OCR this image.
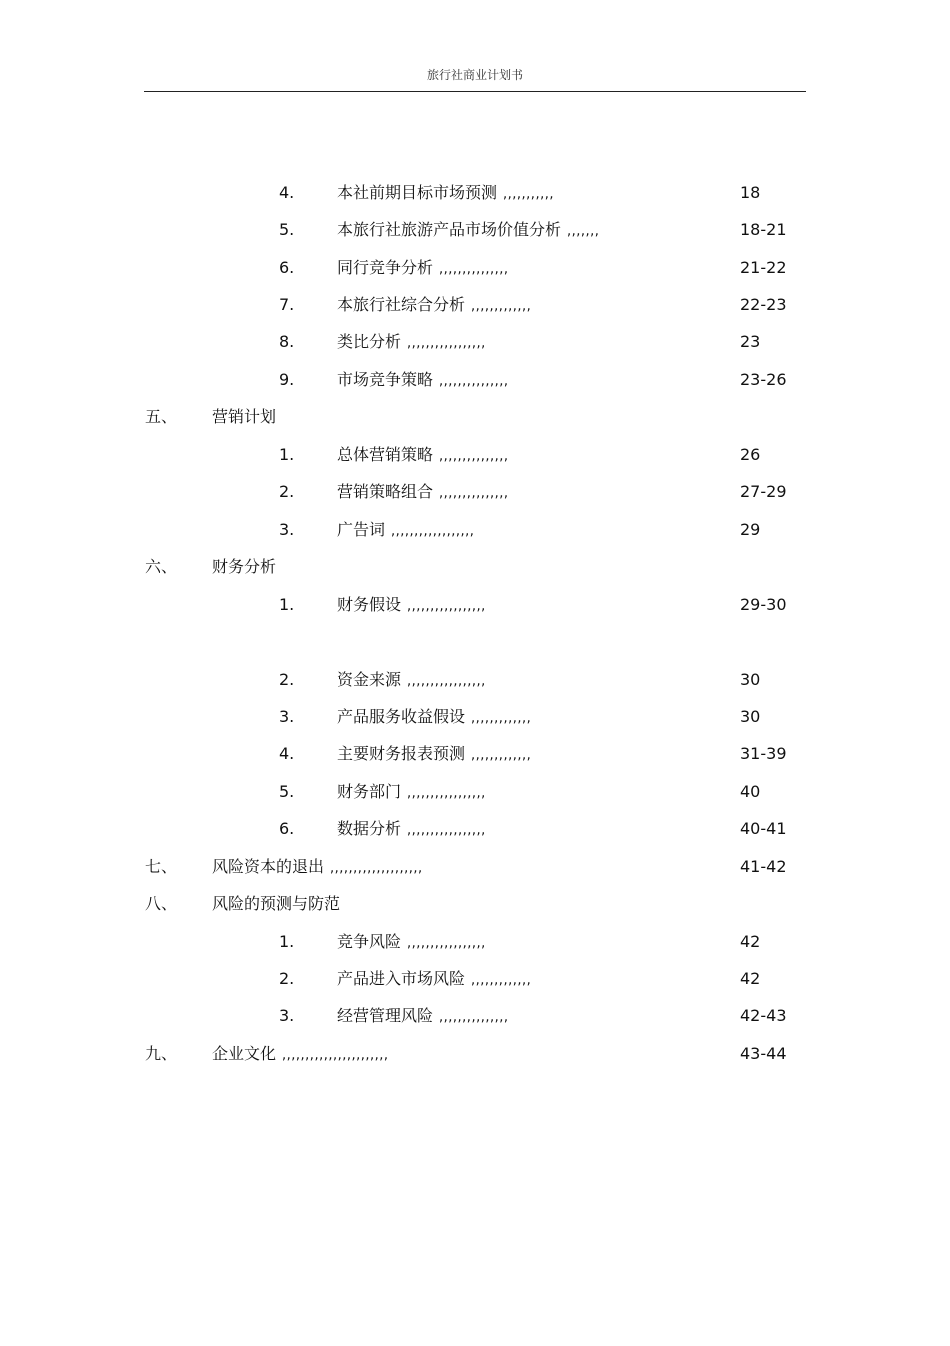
旅行社商业计划书
4.	本社前期目标市场预测 ,,,,,,,,,,,	18
5.	本旅行社旅游产品市场价值分析 ,,,,,,,	18-21
6.	同行竞争分析 ,,,,,,,,,,,,,,,	21-22
7.	本旅行社综合分析 ,,,,,,,,,,,,,	22-23
8.	类比分析 ,,,,,,,,,,,,,,,,,	23
9.	市场竞争策略 ,,,,,,,,,,,,,,,	23-26
五、 营销计划
1.	总体营销策略 ,,,,,,,,,,,,,,,	26
2.	营销策略组合 ,,,,,,,,,,,,,,,	27-29
3.	广告词 ,,,,,,,,,,,,,,,,,,	29
六、 财务分析
1.	财务假设 ,,,,,,,,,,,,,,,,,	29-30
2.	资金来源 ,,,,,,,,,,,,,,,,,	30
3.	产品服务收益假设 ,,,,,,,,,,,,,	30
4.	主要财务报表预测 ,,,,,,,,,,,,,	31-39
5.	财务部门 ,,,,,,,,,,,,,,,,,	40
6.	数据分析 ,,,,,,,,,,,,,,,,,	40-41
七、 风险资本的退出 ,,,,,,,,,,,,,,,,,,,,	41-42
八、 风险的预测与防范
1.	竞争风险 ,,,,,,,,,,,,,,,,,	42
2.	产品进入市场风险 ,,,,,,,,,,,,,	42
3.	经营管理风险 ,,,,,,,,,,,,,,,	42-43
九、 企业文化 ,,,,,,,,,,,,,,,,,,,,,,,	43-44
